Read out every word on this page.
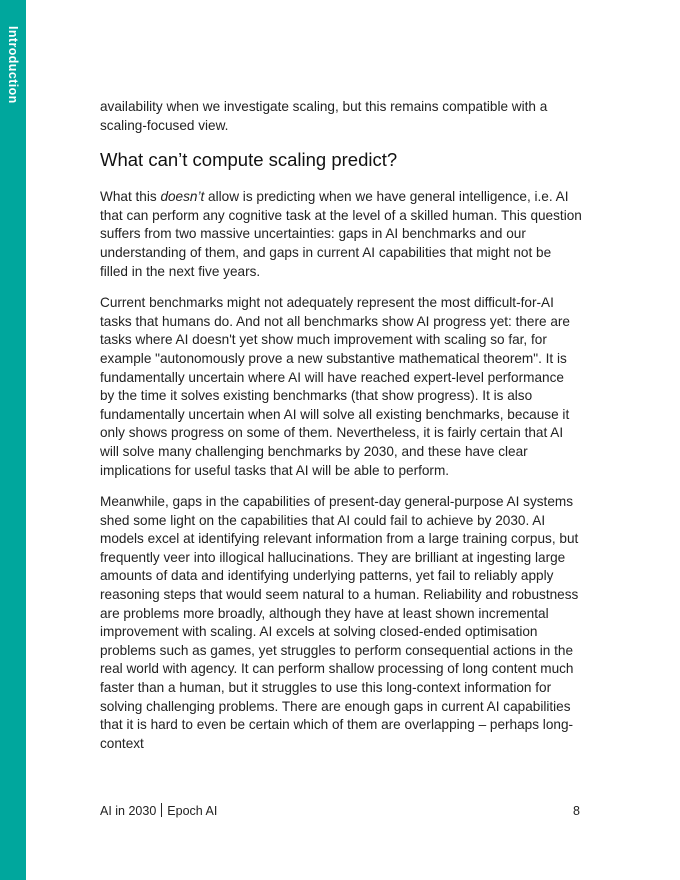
Introduction

availability when we investigate scaling, but this remains compatible with a scaling-focused view.

What can’t compute scaling predict?

What this doesn’t allow is predicting when we have general intelligence, i.e. AI that can perform any cognitive task at the level of a skilled human. This question suffers from two massive uncertainties: gaps in AI benchmarks and our understanding of them, and gaps in current AI capabilities that might not be filled in the next five years.

Current benchmarks might not adequately represent the most difficult-for-AI tasks that humans do. And not all benchmarks show AI progress yet: there are tasks where AI doesn't yet show much improvement with scaling so far, for example "autonomously prove a new substantive mathematical theorem". It is fundamentally uncertain where AI will have reached expert-level performance by the time it solves existing benchmarks (that show progress). It is also fundamentally uncertain when AI will solve all existing benchmarks, because it only shows progress on some of them. Nevertheless, it is fairly certain that AI will solve many challenging benchmarks by 2030, and these have clear implications for useful tasks that AI will be able to perform.

Meanwhile, gaps in the capabilities of present-day general-purpose AI systems shed some light on the capabilities that AI could fail to achieve by 2030. AI models excel at identifying relevant information from a large training corpus, but frequently veer into illogical hallucinations. They are brilliant at ingesting large amounts of data and identifying underlying patterns, yet fail to reliably apply reasoning steps that would seem natural to a human. Reliability and robustness are problems more broadly, although they have at least shown incremental improvement with scaling. AI excels at solving closed-ended optimisation problems such as games, yet struggles to perform consequential actions in the real world with agency. It can perform shallow processing of long content much faster than a human, but it struggles to use this long-context information for solving challenging problems. There are enough gaps in current AI capabilities that it is hard to even be certain which of them are overlapping – perhaps long-context

AI in 2030 Epoch AI	8
